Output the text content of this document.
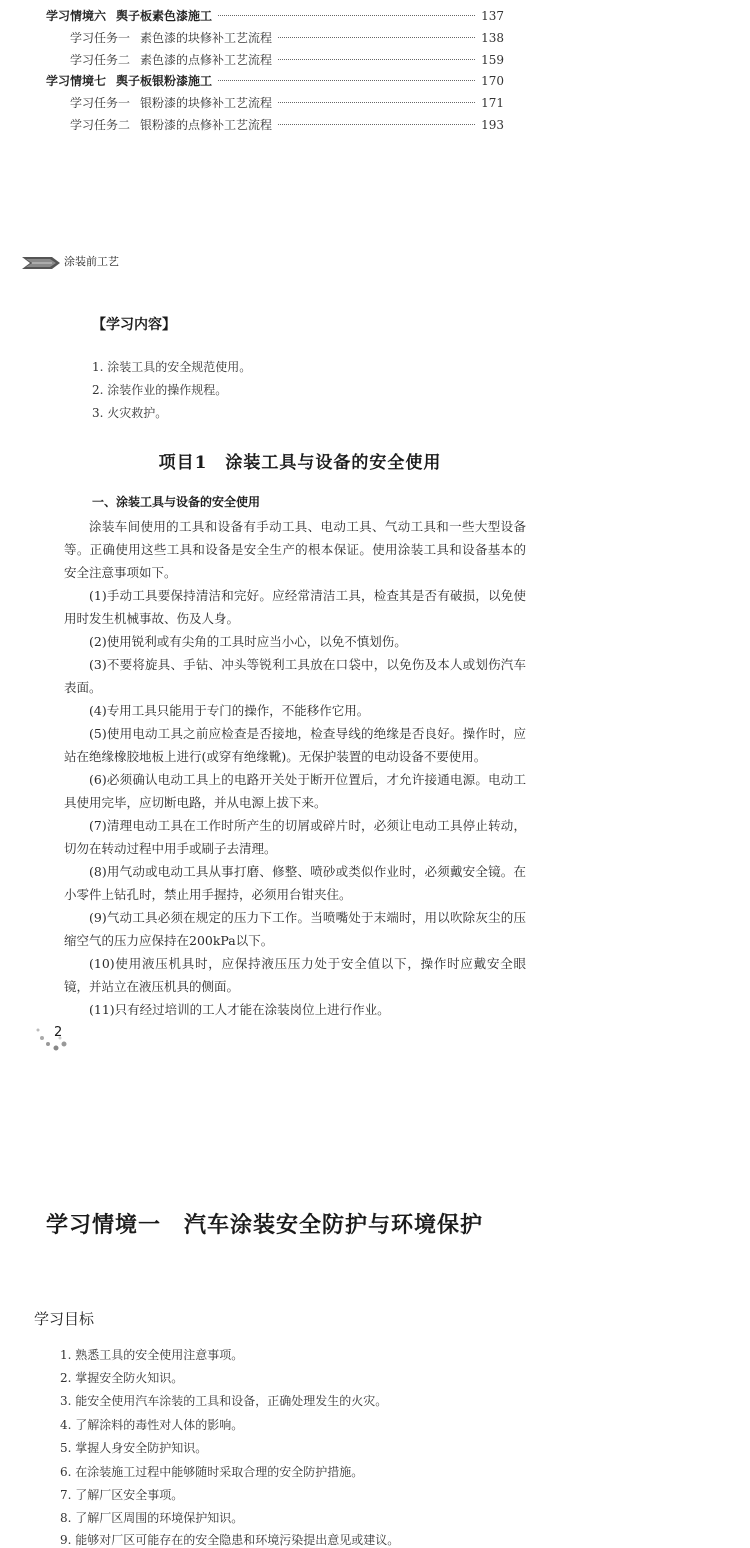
学习情境六 舆子板素色漆施工	137
学习任务一 素色漆的块修补工艺流程	138
学习任务二 素色漆的点修补工艺流程	159
学习情境七 舆子板银粉漆施工	170
学习任务一 银粉漆的块修补工艺流程	171
学习任务二 银粉漆的点修补工艺流程	193
涂装前工艺
【学习内容】
1. 涂装工具的安全规范使用。
2. 涂装作业的操作规程。
3. 火灾救护。
项目1　涂装工具与设备的安全使用
一、涂装工具与设备的安全使用

涂装车间使用的工具和设备有手动工具、电动工具、气动工具和一些大型设备等。正确使用这些工具和设备是安全生产的根本保证。使用涂装工具和设备基本的安全注意事项如下。

(1)手动工具要保持清洁和完好。应经常清洁工具，检查其是否有破损，以免使用时发生机械事故、伤及人身。

(2)使用锐利或有尖角的工具时应当小心，以免不慎划伤。

(3)不要将旋具、手钻、冲头等锐利工具放在口袋中，以免伤及本人或划伤汽车表面。

(4)专用工具只能用于专门的操作，不能移作它用。

(5)使用电动工具之前应检查是否接地，检查导线的绝缘是否良好。操作时，应站在绝缘橡胶地板上进行(或穿有绝缘靴)。无保护装置的电动设备不要使用。

(6)必须确认电动工具上的电路开关处于断开位置后，才允许接通电源。电动工具使用完毕，应切断电路，并从电源上拔下来。

(7)清理电动工具在工作时所产生的切屑或碎片时，必须让电动工具停止转动，切勿在转动过程中用手或刷子去清理。

(8)用气动或电动工具从事打磨、修整、喷砂或类似作业时，必须戴安全镜。在小零件上钻孔时，禁止用手握持，必须用台钳夹住。

(9)气动工具必须在规定的压力下工作。当喷嘴处于末端时，用以吹除灰尘的压缩空气的压力应保持在200kPa以下。

(10)使用液压机具时，应保持液压压力处于安全值以下，操作时应戴安全眼镜，并站立在液压机具的侧面。

(11)只有经过培训的工人才能在涂装岗位上进行作业。

2
学习情境一　汽车涂装安全防护与环境保护
学习目标
1. 熟悉工具的安全使用注意事项。
2. 掌握安全防火知识。
3. 能安全使用汽车涂装的工具和设备，正确处理发生的火灾。
4. 了解涂料的毒性对人体的影响。
5. 掌握人身安全防护知识。
6. 在涂装施工过程中能够随时采取合理的安全防护措施。
7. 了解厂区安全事项。
8. 了解厂区周围的环境保护知识。
9. 能够对厂区可能存在的安全隐患和环境污染提出意见或建议。
